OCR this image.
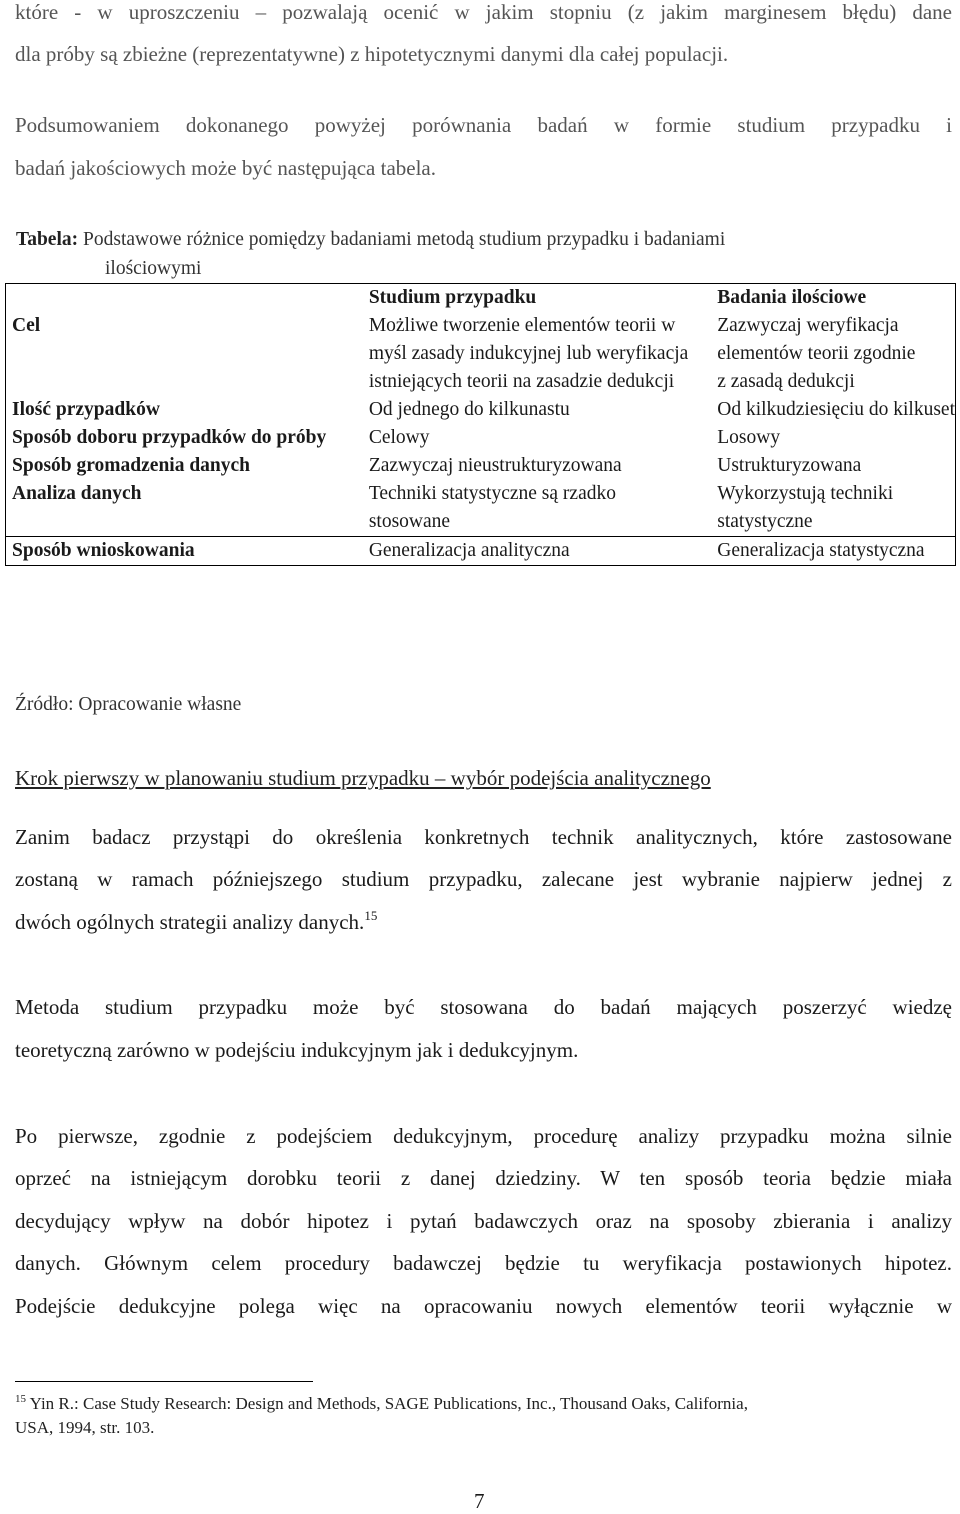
które - w uproszczeniu – pozwalają ocenić w jakim stopniu (z jakim marginesem błędu) dane
dla próby są zbieżne (reprezentatywne) z hipotetycznymi danymi dla całej populacji.
Podsumowaniem dokonanego powyżej porównania badań w formie studium przypadku i
badań jakościowych może być następująca tabela.
Tabela: Podstawowe różnice pomiędzy badaniami metodą studium przypadku i badaniami
ilościowymi
	Studium przypadku	Badania ilościowe
Cel	Możliwe tworzenie elementów teorii w myśl zasady indukcyjnej lub weryfikacja istniejących teorii na zasadzie dedukcji	Zazwyczaj weryfikacja elementów teorii zgodnie z zasadą dedukcji
Ilość przypadków	Od jednego do kilkunastu	Od kilkudziesięciu do kilkuset
Sposób doboru przypadków do próby	Celowy	Losowy
Sposób gromadzenia danych	Zazwyczaj nieustrukturyzowana	Ustrukturyzowana
Analiza danych	Techniki statystyczne są rzadko stosowane	Wykorzystują techniki statystyczne
Sposób wnioskowania	Generalizacja analityczna	Generalizacja statystyczna
Źródło: Opracowanie własne
Krok pierwszy w planowaniu studium przypadku – wybór podejścia analitycznego
Zanim badacz przystąpi do określenia konkretnych technik analitycznych, które zastosowane
zostaną w ramach późniejszego studium przypadku, zalecane jest wybranie najpierw jednej z
dwóch ogólnych strategii analizy danych.$^{15}$
Metoda studium przypadku może być stosowana do badań mających poszerzyć wiedzę
teoretyczną zarówno w podejściu indukcyjnym jak i dedukcyjnym.
Po pierwsze, zgodnie z podejściem dedukcyjnym, procedurę analizy przypadku można silnie
oprzeć na istniejącym dorobku teorii z danej dziedziny. W ten sposób teoria będzie miała
decydujący wpływ na dobór hipotez i pytań badawczych oraz na sposoby zbierania i analizy
danych. Głównym celem procedury badawczej będzie tu weryfikacja postawionych hipotez.
Podejście dedukcyjne polega więc na opracowaniu nowych elementów teorii wyłącznie w
$^{15}$ Yin R.: Case Study Research: Design and Methods, SAGE Publications, Inc., Thousand Oaks, California,
USA, 1994, str. 103.
7
